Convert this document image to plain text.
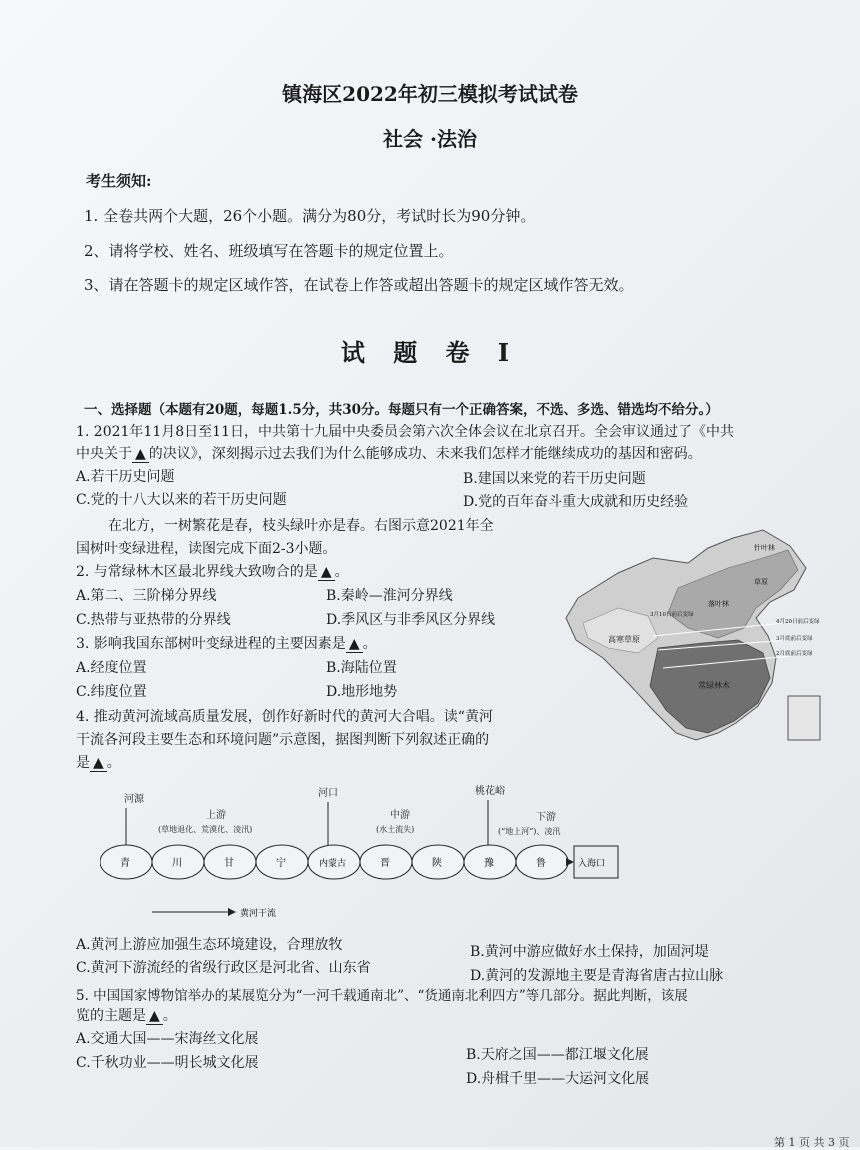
镇海区2022年初三模拟考试试卷
社会 ·法治
考生须知:
1. 全卷共两个大题，26个小题。满分为80分，考试时长为90分钟。
2、请将学校、姓名、班级填写在答题卡的规定位置上。
3、请在答题卡的规定区域作答，在试卷上作答或超出答题卡的规定区域作答无效。
试 题 卷 I
一、选择题（本题有20题，每题1.5分，共30分。每题只有一个正确答案，不选、多选、错选均不给分。）
1. 2021年11月8日至11日，中共第十九届中央委员会第六次全体会议在北京召开。全会审议通过了《中共
中央关于 ▲ 的决议》，深刻揭示过去我们为什么能够成功、未来我们怎样才能继续成功的基因和密码。
A.若干历史问题	B.建国以来党的若干历史问题
C.党的十八大以来的若干历史问题	D.党的百年奋斗重大成就和历史经验
在北方，一树繁花是春，枝头绿叶亦是春。右图示意2021年全
国树叶变绿进程，读图完成下面2-3小题。
2. 与常绿林木区最北界线大致吻合的是 ▲ 。
A.第二、三阶梯分界线	B.秦岭—淮河分界线
C.热带与亚热带的分界线	D.季风区与非季风区分界线
3. 影响我国东部树叶变绿进程的主要因素是 ▲ 。
A.经度位置	B.海陆位置
C.纬度位置	D.地形地势
4. 推动黄河流域高质量发展，创作好新时代的黄河大合唱。读“黄河
干流各河段主要生态和环境问题”示意图，据图判断下列叙述正确的
是 ▲ 。
针叶林
草原
高寒草原
落叶林
常绿林木
3月10日前后变绿
4月20日前后变绿
3月底前后变绿
2月底前后变绿
河源
上游
(草地退化、荒漠化、凌汛)
河口
中游
(水土流失)
桃花峪
下游
(“地上河”)、凌汛
青	川	甘	宁	内蒙古	晋	陕	豫	鲁	入海口
黄河干流
A.黄河上游应加强生态环境建设，合理放牧	B.黄河中游应做好水土保持，加固河堤
C.黄河下游流经的省级行政区是河北省、山东省	D.黄河的发源地主要是青海省唐古拉山脉
5. 中国国家博物馆举办的某展览分为“一河千载通南北”、“货通南北利四方”等几部分。据此判断，该展
览的主题是 ▲ 。
A.交通大国——宋海丝文化展
B.天府之国——都江堰文化展
C.千秋功业——明长城文化展
D.舟楫千里——大运河文化展
第 1 页 共 3 页
